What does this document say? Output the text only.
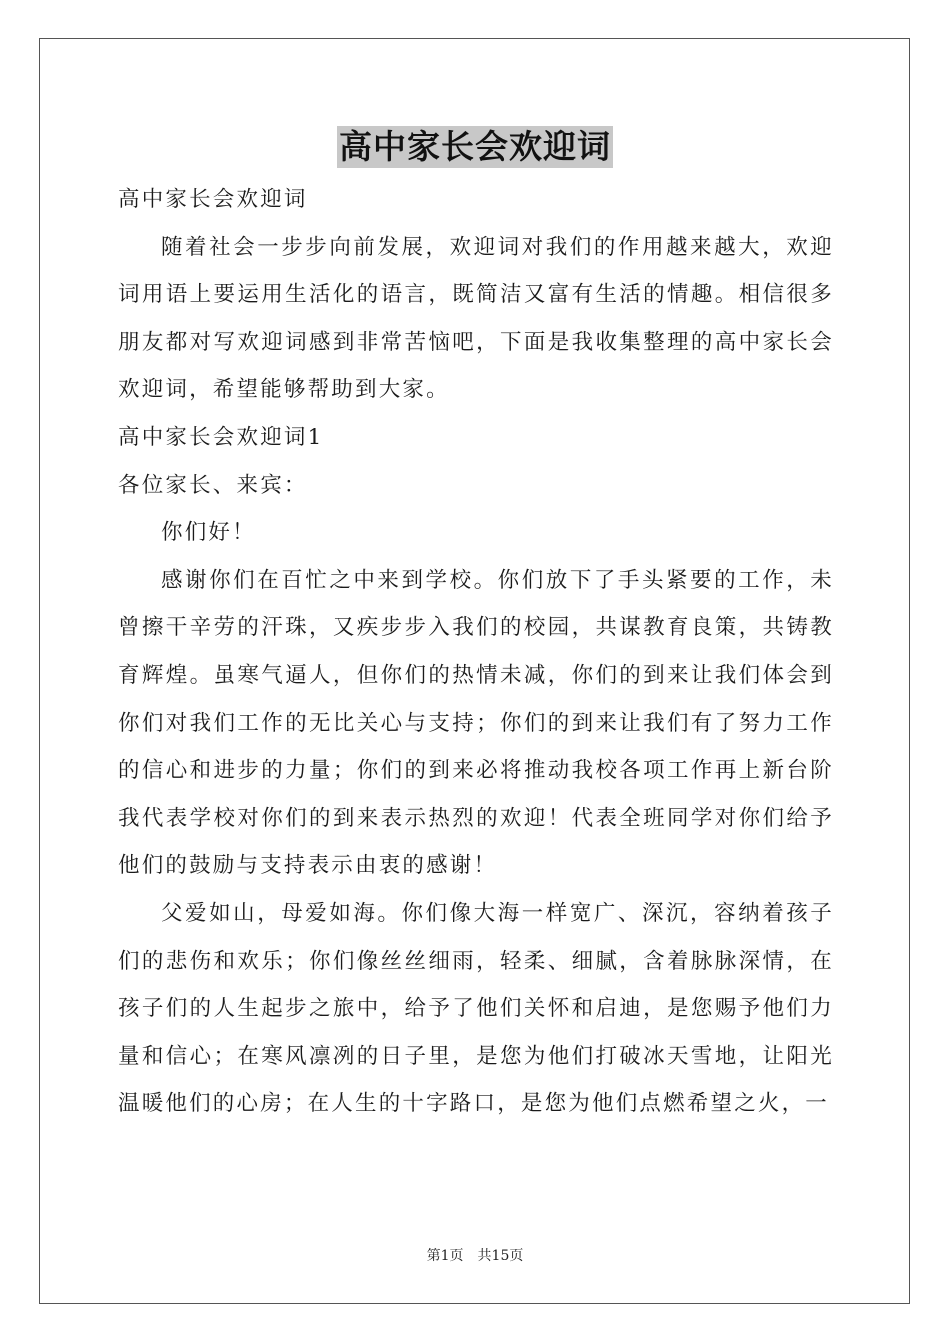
高中家长会欢迎词

高中家长会欢迎词

随着社会一步步向前发展，欢迎词对我们的作用越来越大，欢迎词用语上要运用生活化的语言，既简洁又富有生活的情趣。相信很多朋友都对写欢迎词感到非常苦恼吧，下面是我收集整理的高中家长会欢迎词，希望能够帮助到大家。

高中家长会欢迎词1

各位家长、来宾：

你们好！

感谢你们在百忙之中来到学校。你们放下了手头紧要的工作，未曾擦干辛劳的汗珠，又疾步步入我们的校园，共谋教育良策，共铸教育辉煌。虽寒气逼人，但你们的热情未减，你们的到来让我们体会到你们对我们工作的无比关心与支持；你们的到来让我们有了努力工作的信心和进步的力量；你们的到来必将推动我校各项工作再上新台阶我代表学校对你们的到来表示热烈的欢迎！代表全班同学对你们给予他们的鼓励与支持表示由衷的感谢！

父爱如山，母爱如海。你们像大海一样宽广、深沉，容纳着孩子们的悲伤和欢乐；你们像丝丝细雨，轻柔、细腻，含着脉脉深情，在孩子们的人生起步之旅中，给予了他们关怀和启迪，是您赐予他们力量和信心；在寒风凛冽的日子里，是您为他们打破冰天雪地，让阳光温暖他们的心房；在人生的十字路口，是您为他们点燃希望之火，一

第1页 共15页
